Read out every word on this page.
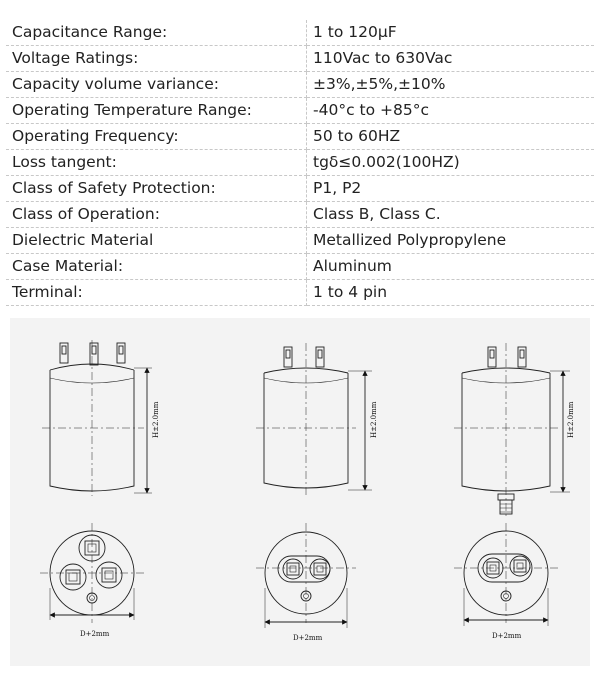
Capacitance Range:	1 to 120μF
Voltage Ratings:	110Vac to 630Vac
Capacity volume variance:	±3%,±5%,±10%
Operating Temperature Range:	-40°c to +85°c
Operating Frequency:	50 to 60HZ
Loss tangent:	tgδ≤0.002(100HZ)
Class of Safety Protection:	P1, P2
Class of Operation:	Class B, Class C.
Dielectric Material	Metallized Polypropylene
Case Material:	Aluminum
Terminal:	1 to 4 pin
H±2.0mm
D+2mm
H±2.0mm
D+2mm
H±2.0mm
D+2mm
